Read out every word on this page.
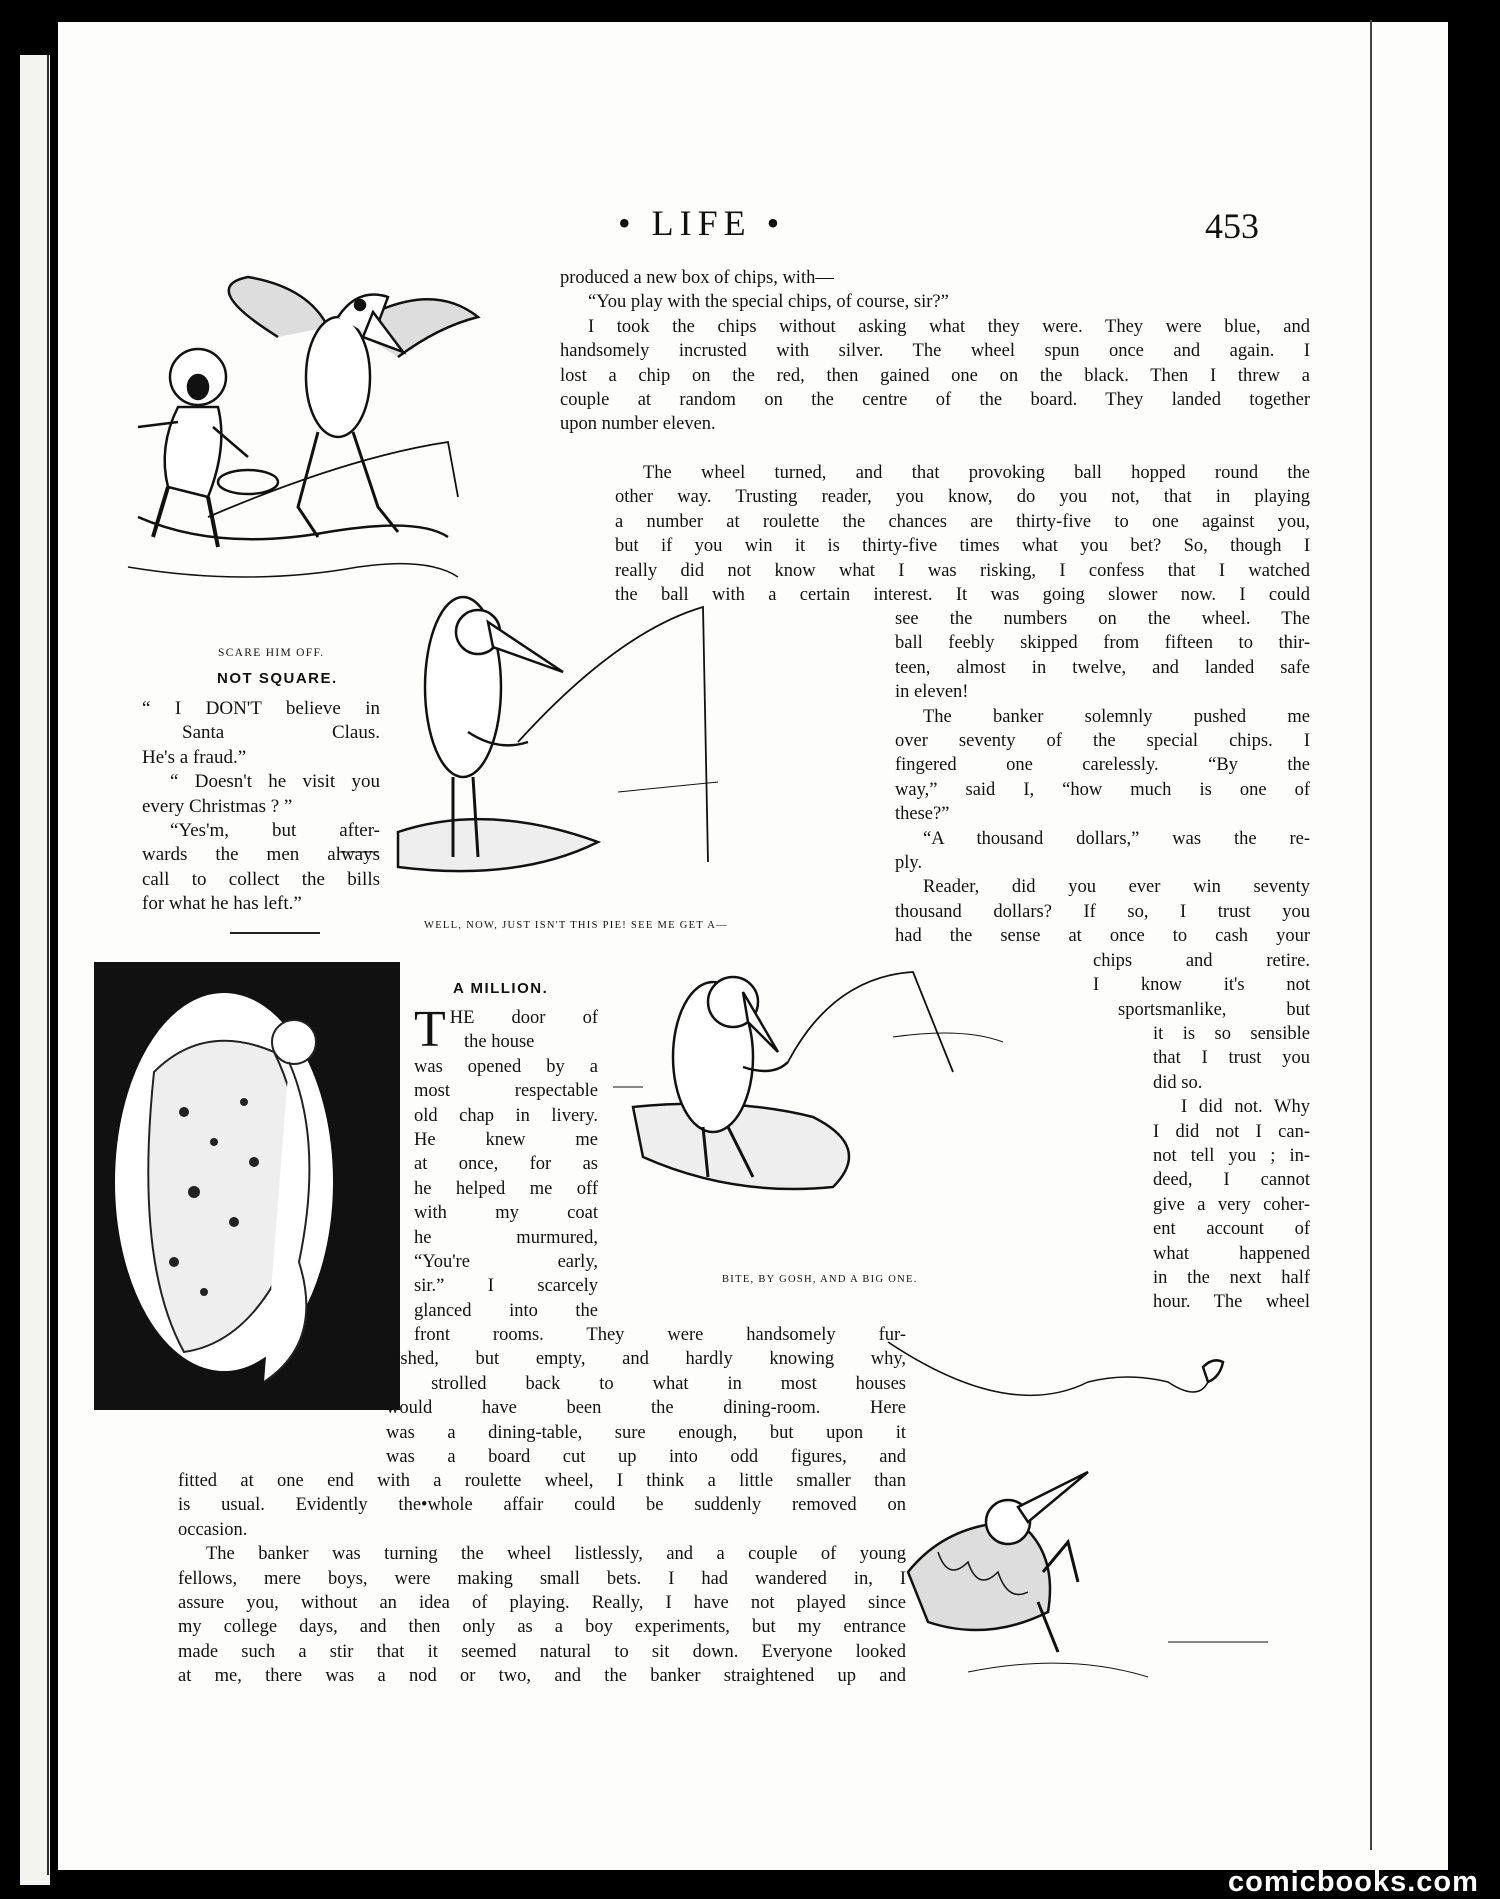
• LIFE •	453
SCARE HIM OFF.
NOT SQUARE.

“ I DON'T believe in

Santa Claus.

He's a fraud.”

“ Doesn't he visit you

every Christmas ? ”

“Yes'm, but after-

wards the men always

call to collect the bills

for what he has left.”

WELL, NOW, JUST ISN'T THIS PIE! SEE ME GET A—
A MILLION.

THE door of

the house

was opened by a

most respectable

old chap in livery.

He knew me

at once, for as

he helped me off

with my coat

he murmured,

“You're early,

sir.” I scarcely

glanced into the

front rooms. They were handsomely fur-

nished, but empty, and hardly knowing why,

I strolled back to what in most houses

would have been the dining-room. Here

was a dining-table, sure enough, but upon it

was a board cut up into odd figures, and

fitted at one end with a roulette wheel, I think a little smaller than

is usual. Evidently the•whole affair could be suddenly removed on

occasion.

The banker was turning the wheel listlessly, and a couple of young

fellows, mere boys, were making small bets. I had wandered in, I

assure you, without an idea of playing. Really, I have not played since

my college days, and then only as a boy experiments, but my entrance

made such a stir that it seemed natural to sit down. Everyone looked

at me, there was a nod or two, and the banker straightened up and

produced a new box of chips, with—

“You play with the special chips, of course, sir?”

I took the chips without asking what they were. They were blue, and

handsomely incrusted with silver. The wheel spun once and again. I

lost a chip on the red, then gained one on the black. Then I threw a

couple at random on the centre of the board. They landed together

upon number eleven.

The wheel turned, and that provoking ball hopped round the

other way. Trusting reader, you know, do you not, that in playing

a number at roulette the chances are thirty-five to one against you,

but if you win it is thirty-five times what you bet? So, though I

really did not know what I was risking, I confess that I watched

the ball with a certain interest. It was going slower now. I could

see the numbers on the wheel. The

ball feebly skipped from fifteen to thir-

teen, almost in twelve, and landed safe

in eleven!

The banker solemnly pushed me

over seventy of the special chips. I

fingered one carelessly. “By the

way,” said I, “how much is one of

these?”

“A thousand dollars,” was the re-

ply.

Reader, did you ever win seventy

thousand dollars? If so, I trust you

had the sense at once to cash your

chips and retire.

I know it's not

sportsmanlike, but

it is so sensible

that I trust you

did so.

I did not. Why

I did not I can-

not tell you ; in-

deed, I cannot

give a very coher-

ent account of

what happened

in the next half

hour. The wheel

BITE, BY GOSH, AND A BIG ONE.
comicbooks.com
